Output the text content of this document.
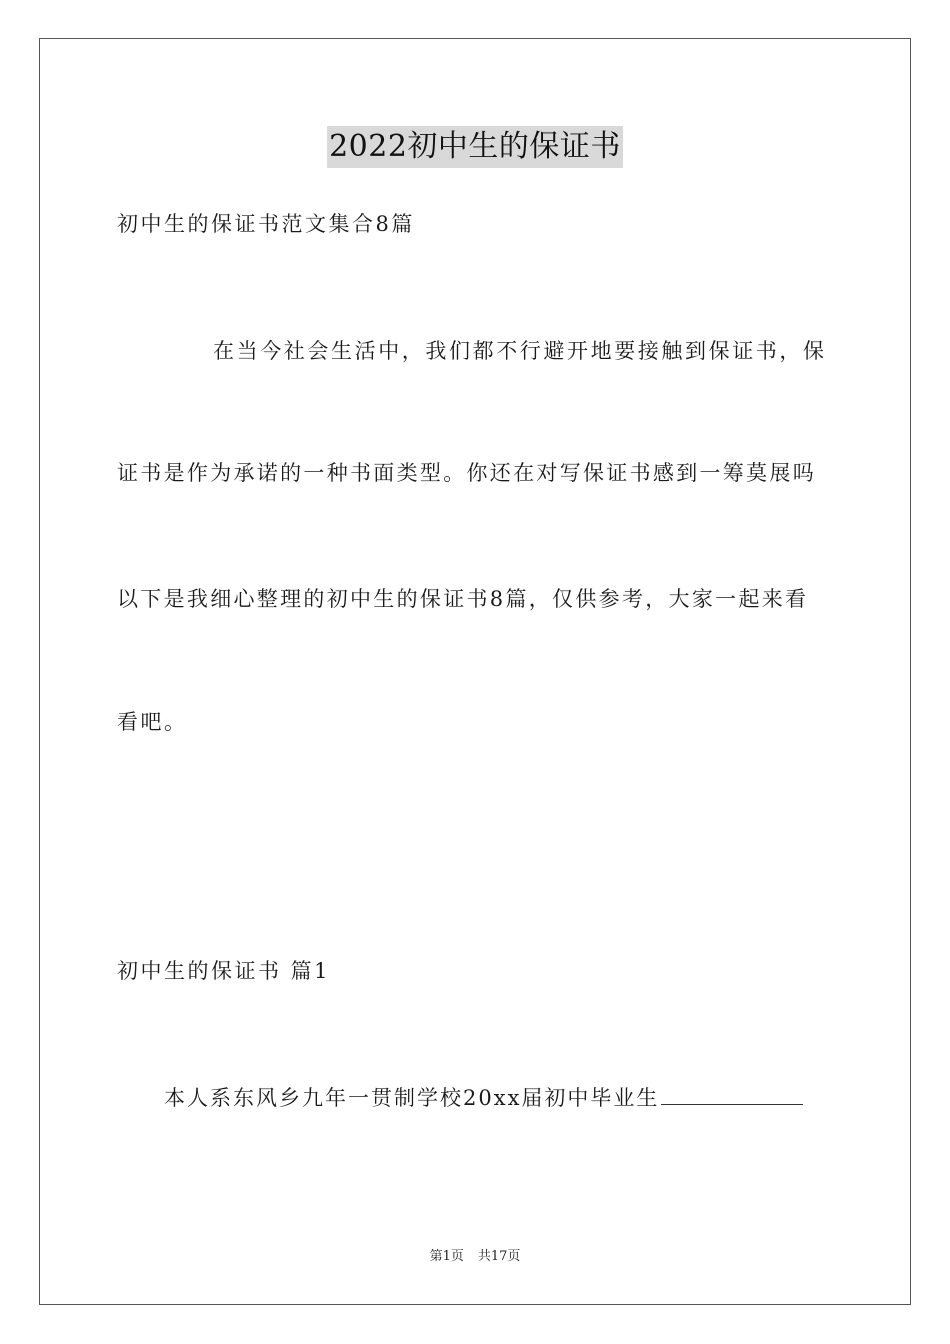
2022初中生的保证书
初中生的保证书范文集合8篇
在当今社会生活中，我们都不行避开地要接触到保证书，保
证书是作为承诺的一种书面类型。你还在对写保证书感到一筹莫展吗
以下是我细心整理的初中生的保证书8篇，仅供参考，大家一起来看
看吧。
初中生的保证书 篇1
本人系东风乡九年一贯制学校20xx届初中毕业生
第1页 共17页
